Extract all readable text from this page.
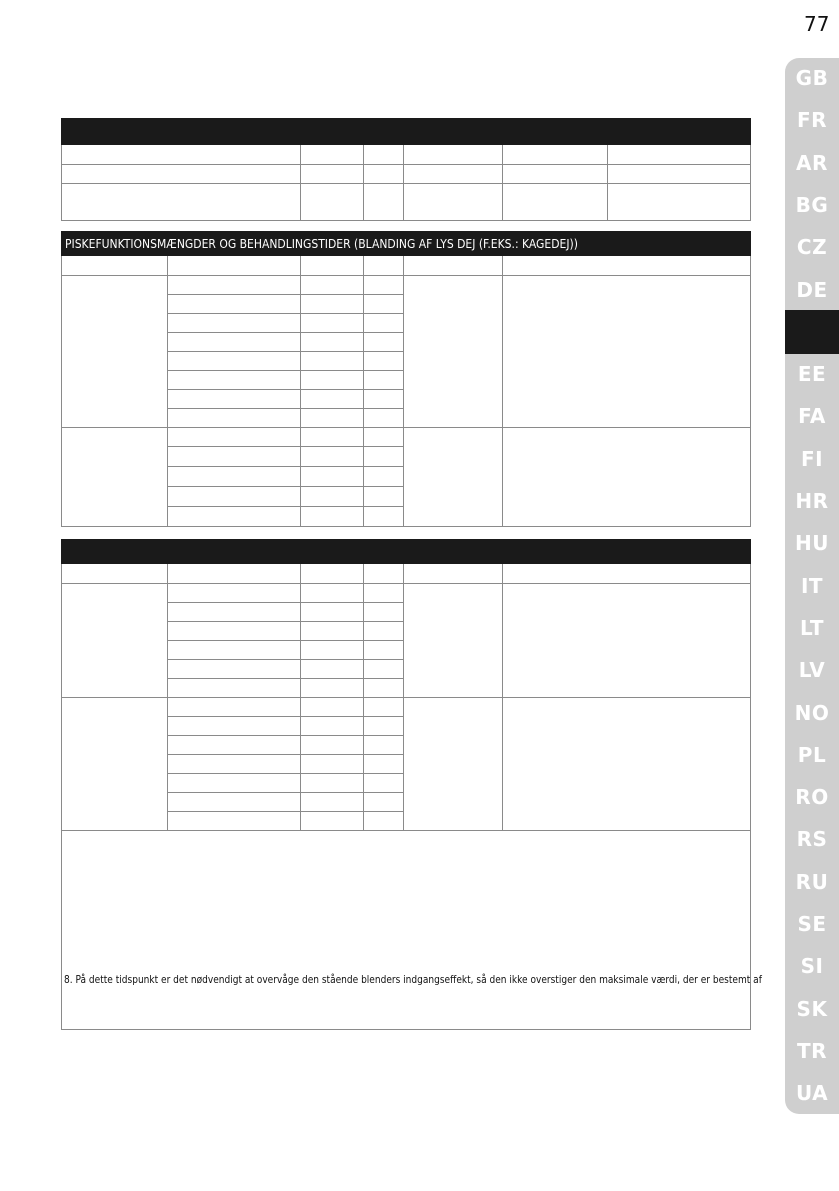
77
GB
FR
AR
BG
CZ
DE
EE
FA
FI
HR
HU
IT
LT
LV
NO
PL
RO
RS
RU
SE
SI
SK
TR
UA

PISKEFUNKTIONSMÆNGDER OG BEHANDLINGSTIDER (BLANDING AF LYS DEJ (F.EKS.: KAGEDEJ))					

8. På dette tidspunkt er det nødvendigt at overvåge den stående blenders indgangseffekt, så den ikke overstiger den maksimale værdi, der er bestemt af
